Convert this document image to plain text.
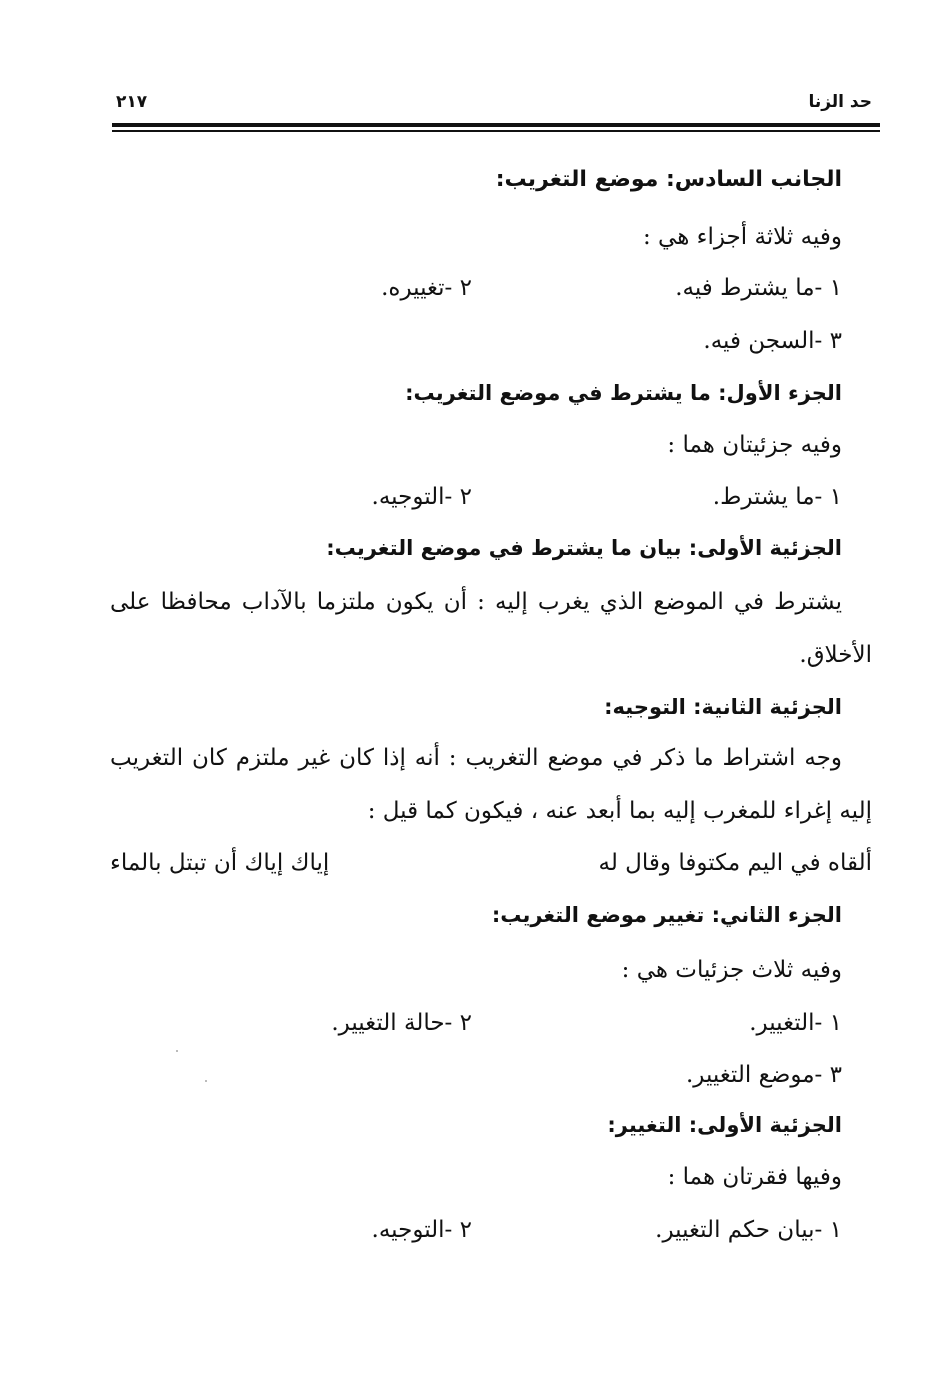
حد الزنا
٢١٧
الجانب السادس: موضع التغريب:
وفيه ثلاثة أجزاء هي :
١ -ما يشترط فيه.
٢ -تغييره.
٣ -السجن فيه.
الجزء الأول: ما يشترط في موضع التغريب:
وفيه جزئيتان هما :
١ -ما يشترط.
٢ -التوجيه.
الجزئية الأولى: بيان ما يشترط في موضع التغريب:
يشترط في الموضع الذي يغرب إليه : أن يكون ملتزما بالآداب محافظا على
الأخلاق.
الجزئية الثانية: التوجيه:
وجه اشتراط ما ذكر في موضع التغريب : أنه إذا كان غير ملتزم كان التغريب
إليه إغراء للمغرب إليه بما أبعد عنه ، فيكون كما قيل :
ألقاه في اليم مكتوفا وقال له
إياك إياك أن تبتل بالماء
الجزء الثاني: تغيير موضع التغريب:
وفيه ثلاث جزئيات هي :
١ -التغيير.
٢ -حالة التغيير.
٣ -موضع التغيير.
الجزئية الأولى: التغيير:
وفيها فقرتان هما :
١ -بيان حكم التغيير.
٢ -التوجيه.
